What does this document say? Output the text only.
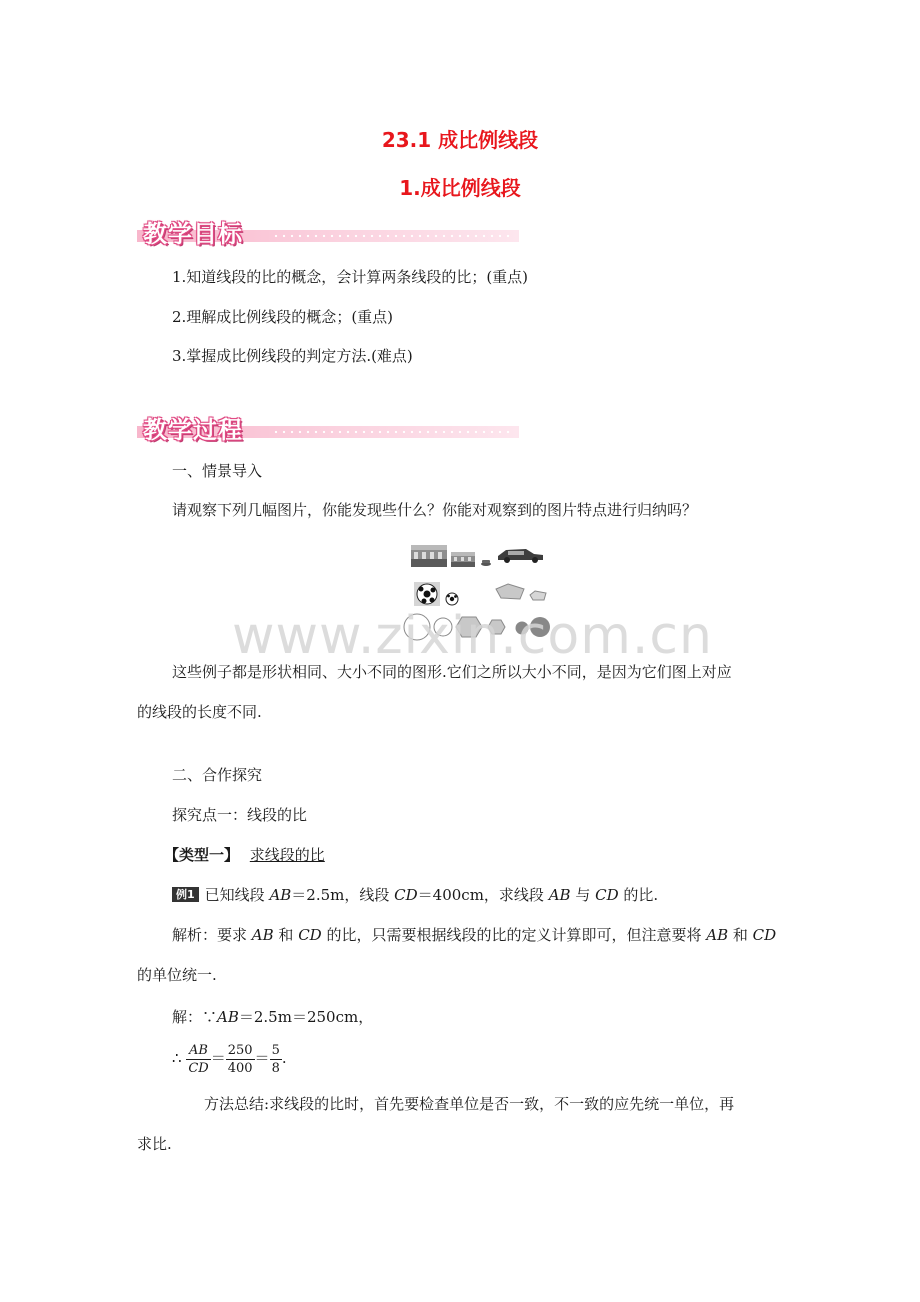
23.1 成比例线段
1.成比例线段
教学目标
1.知道线段的比的概念，会计算两条线段的比；(重点)
2.理解成比例线段的概念；(重点)
3.掌握成比例线段的判定方法.(难点)
教学过程
一、情景导入
请观察下列几幅图片，你能发现些什么？你能对观察到的图片特点进行归纳吗？
www.zixin.com.cn
这些例子都是形状相同、大小不同的图形.它们之所以大小不同，是因为它们图上对应
的线段的长度不同.
二、合作探究
探究点一：线段的比
【类型一】 求线段的比
例1 已知线段 AB＝2.5m，线段 CD＝400cm，求线段 AB 与 CD 的比.
解析：要求 AB 和 CD 的比，只需要根据线段的比的定义计算即可，但注意要将 AB 和 CD
的单位统一.
解：∵AB＝2.5m＝250cm，
∴ $\frac{AB}{CD} = \frac{250}{400} = \frac{5}{8}$ .
方法总结:求线段的比时，首先要检查单位是否一致，不一致的应先统一单位，再
求比.
